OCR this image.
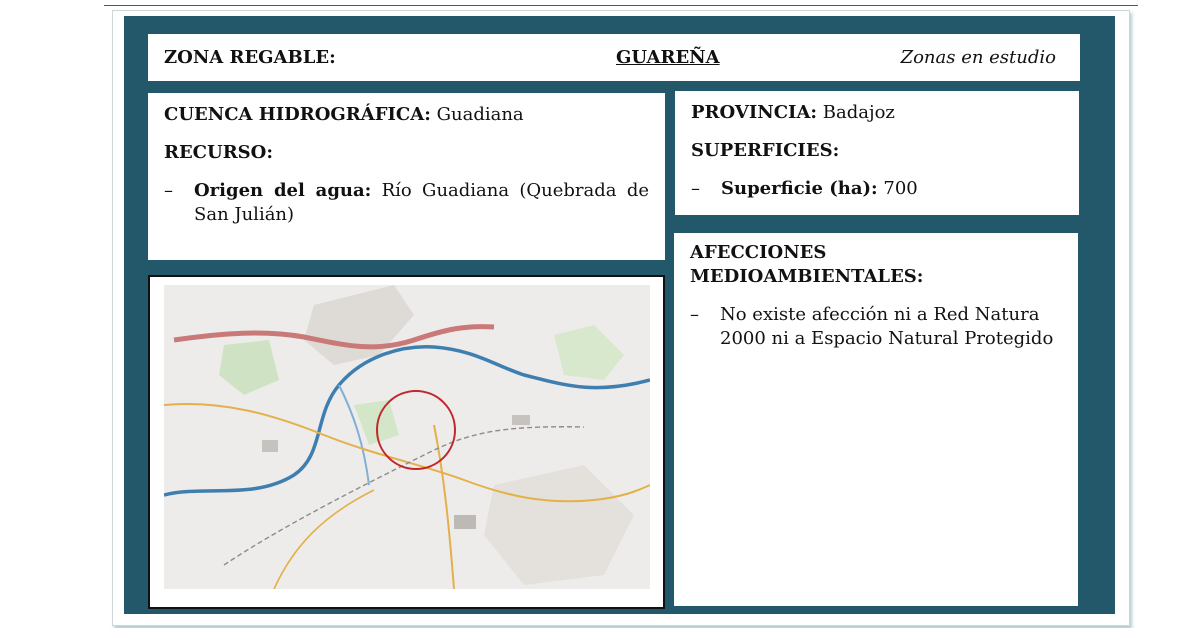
ZONA REGABLE:	GUAREÑA	Zonas en estudio

CUENCA HIDROGRÁFICA: Guadiana

RECURSO:

–	Origen del agua: Río Guadiana (Quebrada de San Julián)

PROVINCIA: Badajoz

SUPERFICIES:

–	Superficie (ha): 700

AFECCIONES MEDIOAMBIENTALES:

–	No existe afección ni a Red Natura 2000 ni a Espacio Natural Protegido
